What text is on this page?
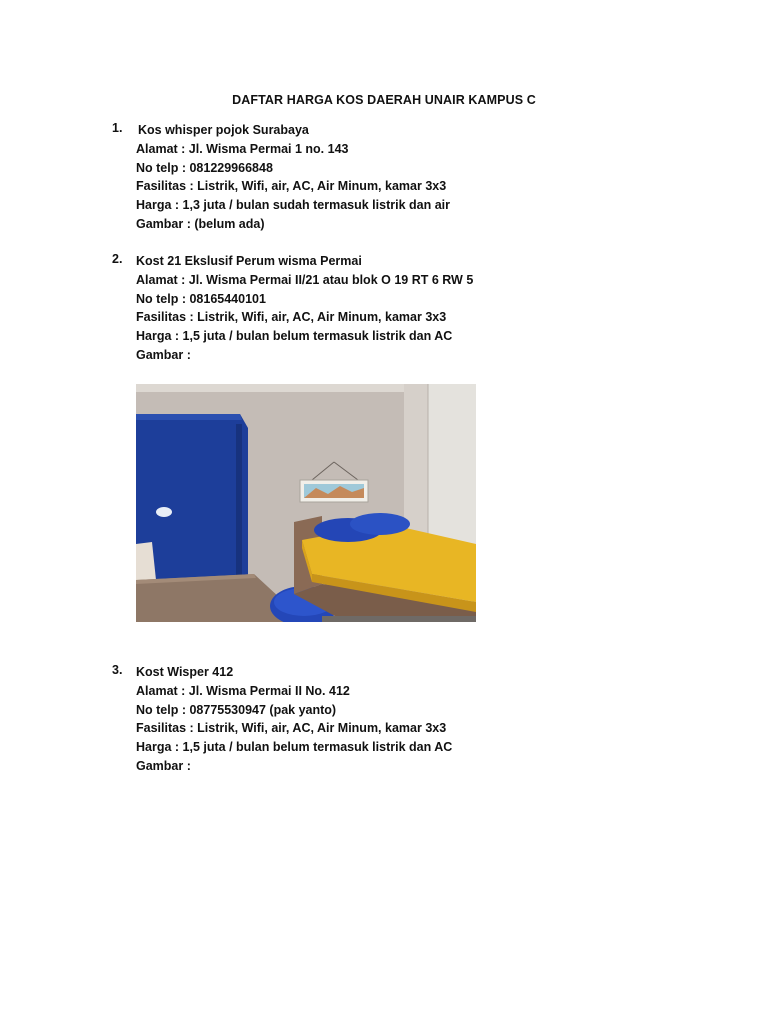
DAFTAR HARGA KOS DAERAH UNAIR KAMPUS C
1.	Kos whisper pojok Surabaya
Alamat : Jl. Wisma Permai 1 no. 143
No telp : 081229966848
Fasilitas : Listrik, Wifi, air, AC, Air Minum, kamar 3x3
Harga : 1,3 juta / bulan sudah termasuk listrik dan air
Gambar : (belum ada)
2.	Kost 21 Ekslusif Perum wisma Permai
Alamat : Jl. Wisma Permai II/21 atau blok O 19 RT 6 RW 5
No telp : 08165440101
Fasilitas : Listrik, Wifi, air, AC, Air Minum, kamar 3x3
Harga : 1,5 juta / bulan belum termasuk listrik dan AC
Gambar :
3.	Kost Wisper 412
Alamat : Jl. Wisma Permai II No. 412
No telp : 08775530947 (pak yanto)
Fasilitas : Listrik, Wifi, air, AC, Air Minum, kamar 3x3
Harga : 1,5 juta / bulan belum termasuk listrik dan AC
Gambar :
